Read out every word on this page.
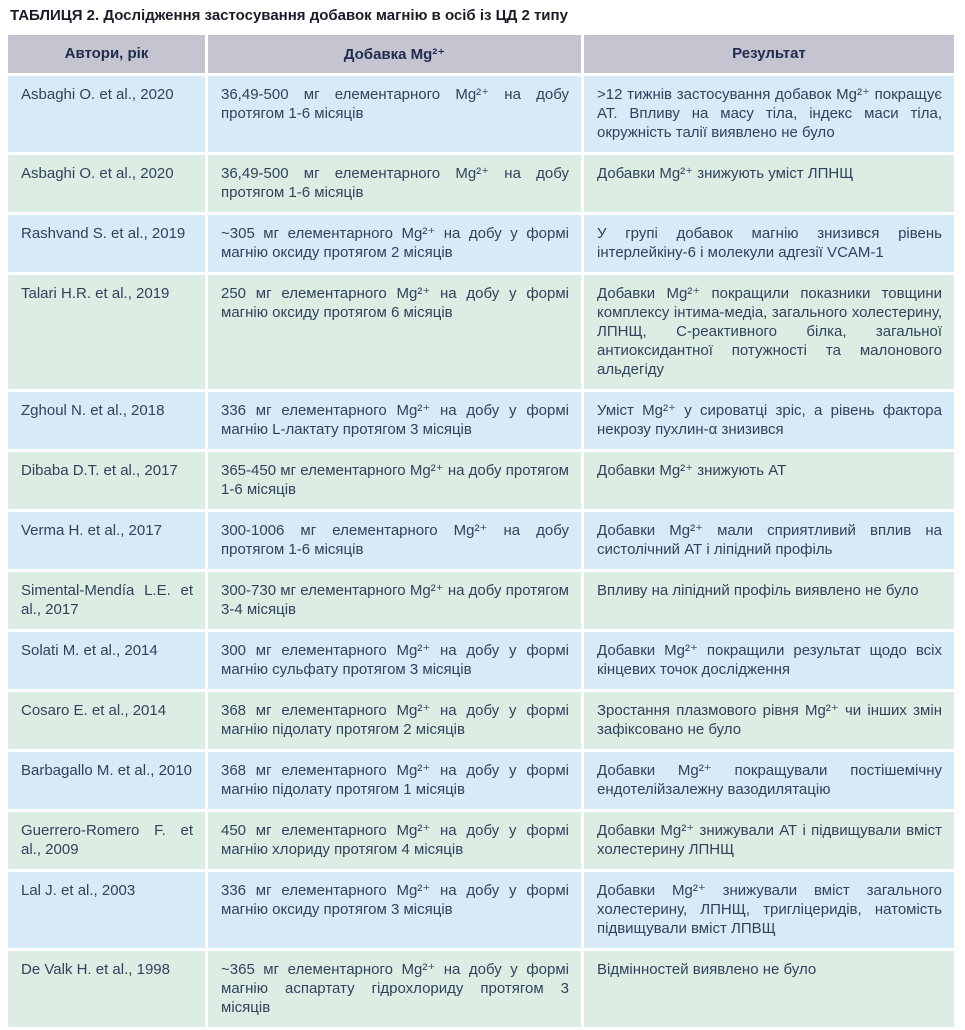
ТАБЛИЦЯ 2. Дослідження застосування добавок магнію в осіб із ЦД 2 типу
Автори, рік	Добавка Mg²⁺	Результат
Asbaghi O. et al., 2020	36,49-500 мг елементарного Mg²⁺ на добу протягом 1-6 місяців	>12 тижнів застосування добавок Mg²⁺ покращує АТ. Впливу на масу тіла, індекс маси тіла, окружність талії виявлено не було
Asbaghi O. et al., 2020	36,49-500 мг елементарного Mg²⁺ на добу протягом 1-6 місяців	Добавки Mg²⁺ знижують уміст ЛПНЩ
Rashvand S. et al., 2019	~305 мг елементарного Mg²⁺ на добу у формі магнію оксиду протягом 2 місяців	У групі добавок магнію знизився рівень інтерлейкіну-6 і молекули адгезії VCAM-1
Talari H.R. et al., 2019	250 мг елементарного Mg²⁺ на добу у формі магнію оксиду протягом 6 місяців	Добавки Mg²⁺ покращили показники товщини комплексу інтима-медіа, загального холестерину, ЛПНЩ, С-реактивного білка, загальної антиоксидантної потужності та малонового альдегіду
Zghoul N. et al., 2018	336 мг елементарного Mg²⁺ на добу у формі магнію L-лактату протягом 3 місяців	Уміст Mg²⁺ у сироватці зріс, а рівень фактора некрозу пухлин-α знизився
Dibaba D.T. et al., 2017	365-450 мг елементарного Mg²⁺ на добу протягом 1-6 місяців	Добавки Mg²⁺ знижують АТ
Verma H. et al., 2017	300-1006 мг елементарного Mg²⁺ на добу протягом 1-6 місяців	Добавки Mg²⁺ мали сприятливий вплив на систолічний АТ і ліпідний профіль
Simental-Mendía L.E. et al., 2017	300-730 мг елементарного Mg²⁺ на добу протягом 3-4 місяців	Впливу на ліпідний профіль виявлено не було
Solati M. et al., 2014	300 мг елементарного Mg²⁺ на добу у формі магнію сульфату протягом 3 місяців	Добавки Mg²⁺ покращили результат щодо всіх кінцевих точок дослідження
Cosaro E. et al., 2014	368 мг елементарного Mg²⁺ на добу у формі магнію підолату протягом 2 місяців	Зростання плазмового рівня Mg²⁺ чи інших змін зафіксовано не було
Barbagallo M. et al., 2010	368 мг елементарного Mg²⁺ на добу у формі магнію підолату протягом 1 місяців	Добавки Mg²⁺ покращували постішемічну ендотелійзалежну вазодилятацію
Guerrero-Romero F. et al., 2009	450 мг елементарного Mg²⁺ на добу у формі магнію хлориду протягом 4 місяців	Добавки Mg²⁺ знижували АТ і підвищували вміст холестерину ЛПНЩ
Lal J. et al., 2003	336 мг елементарного Mg²⁺ на добу у формі магнію оксиду протягом 3 місяців	Добавки Mg²⁺ знижували вміст загального холестерину, ЛПНЩ, тригліцеридів, натомість підвищували вміст ЛПВЩ
De Valk H. et al., 1998	~365 мг елементарного Mg²⁺ на добу у формі магнію аспартату гідрохлориду протягом 3 місяців	Відмінностей виявлено не було
